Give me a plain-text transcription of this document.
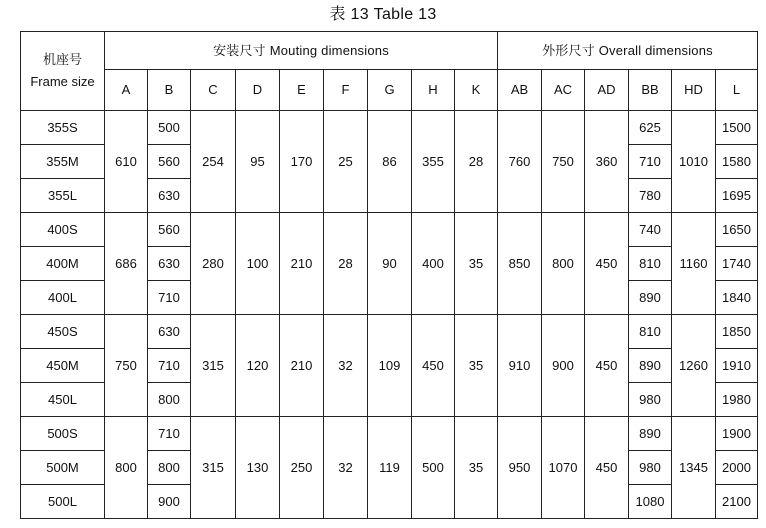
表 13 Table 13
机座号
Frame size	安装尺寸 Mouting dimensions									外形尺寸 Overall dimensions					
	A	B	C	D	E	F	G	H	K	AB	AC	AD	BB	HD	L
355S	610	500	254	95	170	25	86	355	28	760	750	360	625	1010	1500
355M		560											710		1580
355L		630											780		1695
400S	686	560	280	100	210	28	90	400	35	850	800	450	740	1160	1650
400M		630											810		1740
400L		710											890		1840
450S	750	630	315	120	210	32	109	450	35	910	900	450	810	1260	1850
450M		710											890		1910
450L		800											980		1980
500S	800	710	315	130	250	32	119	500	35	950	1070	450	890	1345	1900
500M		800											980		2000
500L		900											1080		2100
